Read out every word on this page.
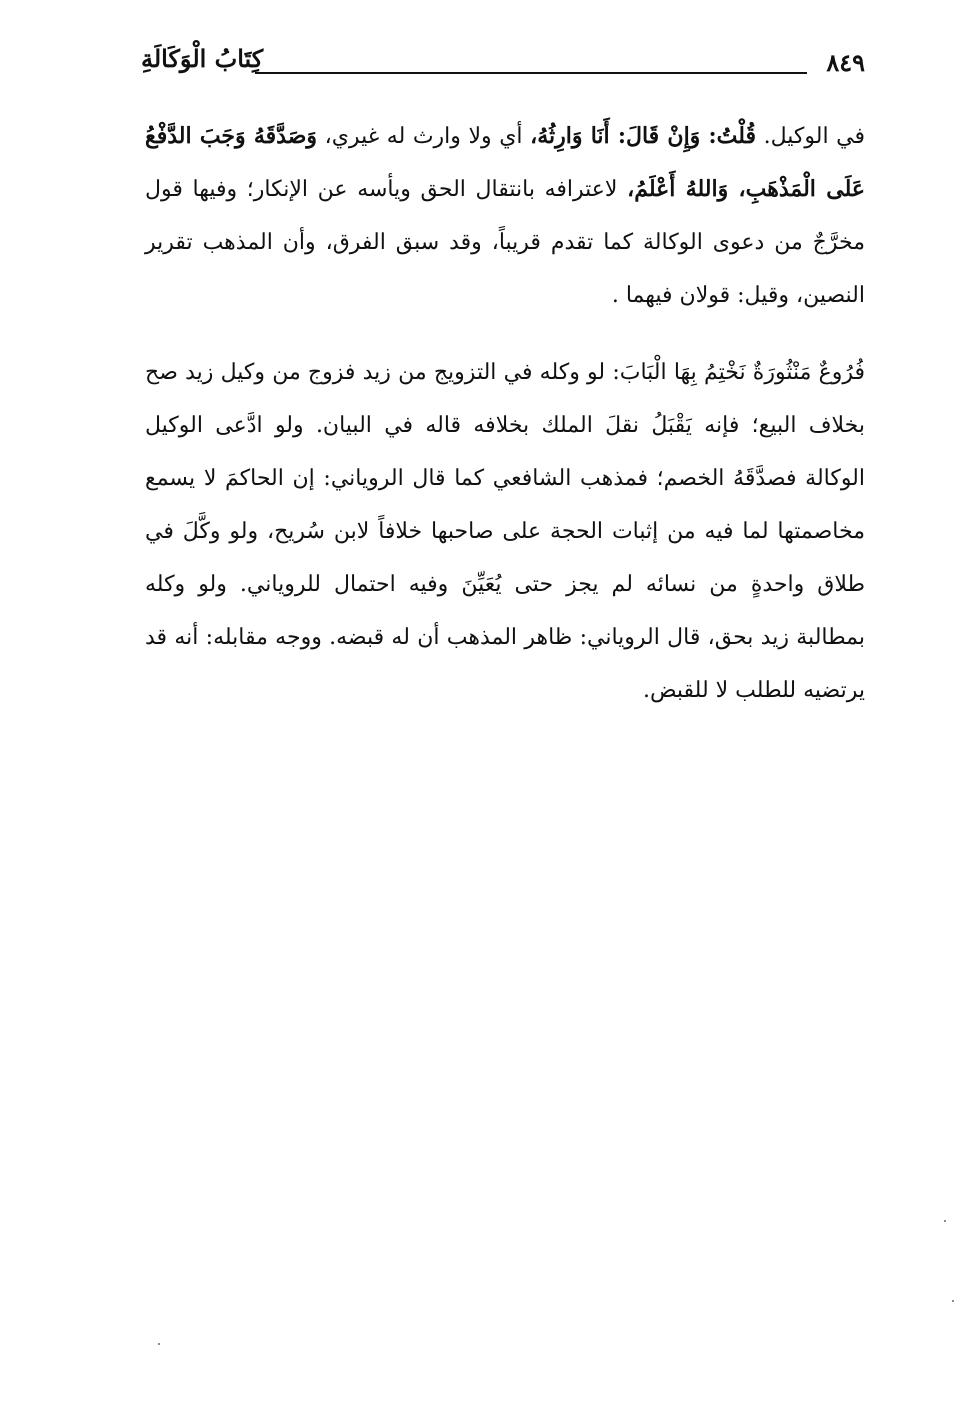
كِتَابُ الْوَكَالَةِ	٨٤٩

في الوكيل. قُلْتُ: وَإِنْ قَالَ: أَنَا وَارِثُهُ، أي ولا وارث له غيري، وَصَدَّقَهُ وَجَبَ الدَّفْعُ عَلَى الْمَذْهَبِ، وَاللهُ أَعْلَمُ، لاعترافه بانتقال الحق ويأسه عن الإنكار؛ وفيها قول مخرَّجٌ من دعوى الوكالة كما تقدم قريباً، وقد سبق الفرق، وأن المذهب تقرير النصين، وقيل: قولان فيهما .

فُرُوعٌ مَنْثُورَةٌ نَخْتِمُ بِهَا الْبَابَ: لو وكله في التزويج من زيد فزوج من وكيل زيد صح بخلاف البيع؛ فإنه يَقْبَلُ نقلَ الملك بخلافه قاله في البيان. ولو ادَّعى الوكيل الوكالة فصدَّقَهُ الخصم؛ فمذهب الشافعي كما قال الروياني: إن الحاكمَ لا يسمع مخاصمتها لما فيه من إثبات الحجة على صاحبها خلافاً لابن سُريح، ولو وكَّلَ في طلاق واحدةٍ من نسائه لم يجز حتى يُعَيِّنَ وفيه احتمال للروياني. ولو وكله بمطالبة زيد بحق، قال الروياني: ظاهر المذهب أن له قبضه. ووجه مقابله: أنه قد يرتضيه للطلب لا للقبض.
